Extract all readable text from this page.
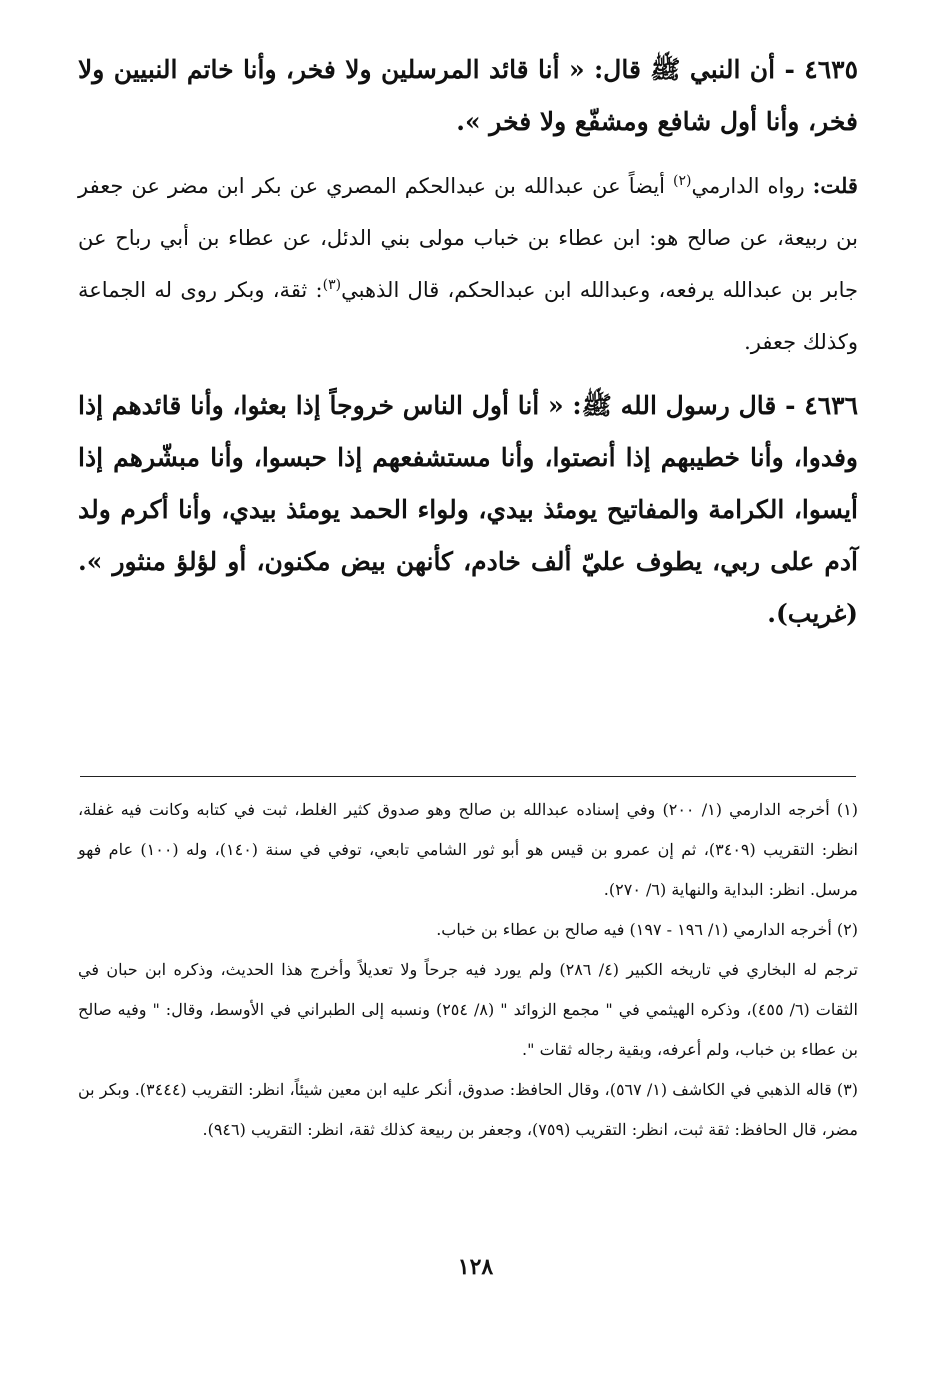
٤٦٣٥ - أن النبي ﷺ قال: « أنا قائد المرسلين ولا فخر، وأنا خاتم النبيين ولا فخر، وأنا أول شافع ومشفّع ولا فخر ».

قلت: رواه الدارمي$^{(٢)}$ أيضاً عن عبدالله بن عبدالحكم المصري عن بكر ابن مضر عن جعفر بن ربيعة، عن صالح هو: ابن عطاء بن خباب مولى بني الدئل، عن عطاء بن أبي رباح عن جابر بن عبدالله يرفعه، وعبدالله ابن عبدالحكم، قال الذهبي$^{(٣)}$: ثقة، وبكر روى له الجماعة وكذلك جعفر.

٤٦٣٦ - قال رسول الله ﷺ: « أنا أول الناس خروجاً إذا بعثوا، وأنا قائدهم إذا وفدوا، وأنا خطيبهم إذا أنصتوا، وأنا مستشفعهم إذا حبسوا، وأنا مبشّرهم إذا أيسوا، الكرامة والمفاتيح يومئذ بيدي، ولواء الحمد يومئذ بيدي، وأنا أكرم ولد آدم على ربي، يطوف عليّ ألف خادم، كأنهن بيض مكنون، أو لؤلؤ منثور ». (غريب).

(١) أخرجه الدارمي (١/ ٢٠٠) وفي إسناده عبدالله بن صالح وهو صدوق كثير الغلط، ثبت في كتابه وكانت فيه غفلة، انظر: التقريب (٣٤٠٩)، ثم إن عمرو بن قيس هو أبو ثور الشامي تابعي، توفي في سنة (١٤٠)، وله (١٠٠) عام فهو مرسل. انظر: البداية والنهاية (٦/ ٢٧٠).

(٢) أخرجه الدارمي (١/ ١٩٦ - ١٩٧) فيه صالح بن عطاء بن خباب.

ترجم له البخاري في تاريخه الكبير (٤/ ٢٨٦) ولم يورد فيه جرحاً ولا تعديلاً وأخرج هذا الحديث، وذكره ابن حبان في الثقات (٦/ ٤٥٥)، وذكره الهيثمي في " مجمع الزوائد " (٨/ ٢٥٤) ونسبه إلى الطبراني في الأوسط، وقال: " وفيه صالح بن عطاء بن خباب، ولم أعرفه، وبقية رجاله ثقات ".

(٣) قاله الذهبي في الكاشف (١/ ٥٦٧)، وقال الحافظ: صدوق، أنكر عليه ابن معين شيئاً، انظر: التقريب (٣٤٤٤). وبكر بن مضر، قال الحافظ: ثقة ثبت، انظر: التقريب (٧٥٩)، وجعفر بن ربيعة كذلك ثقة، انظر: التقريب (٩٤٦).

١٢٨
